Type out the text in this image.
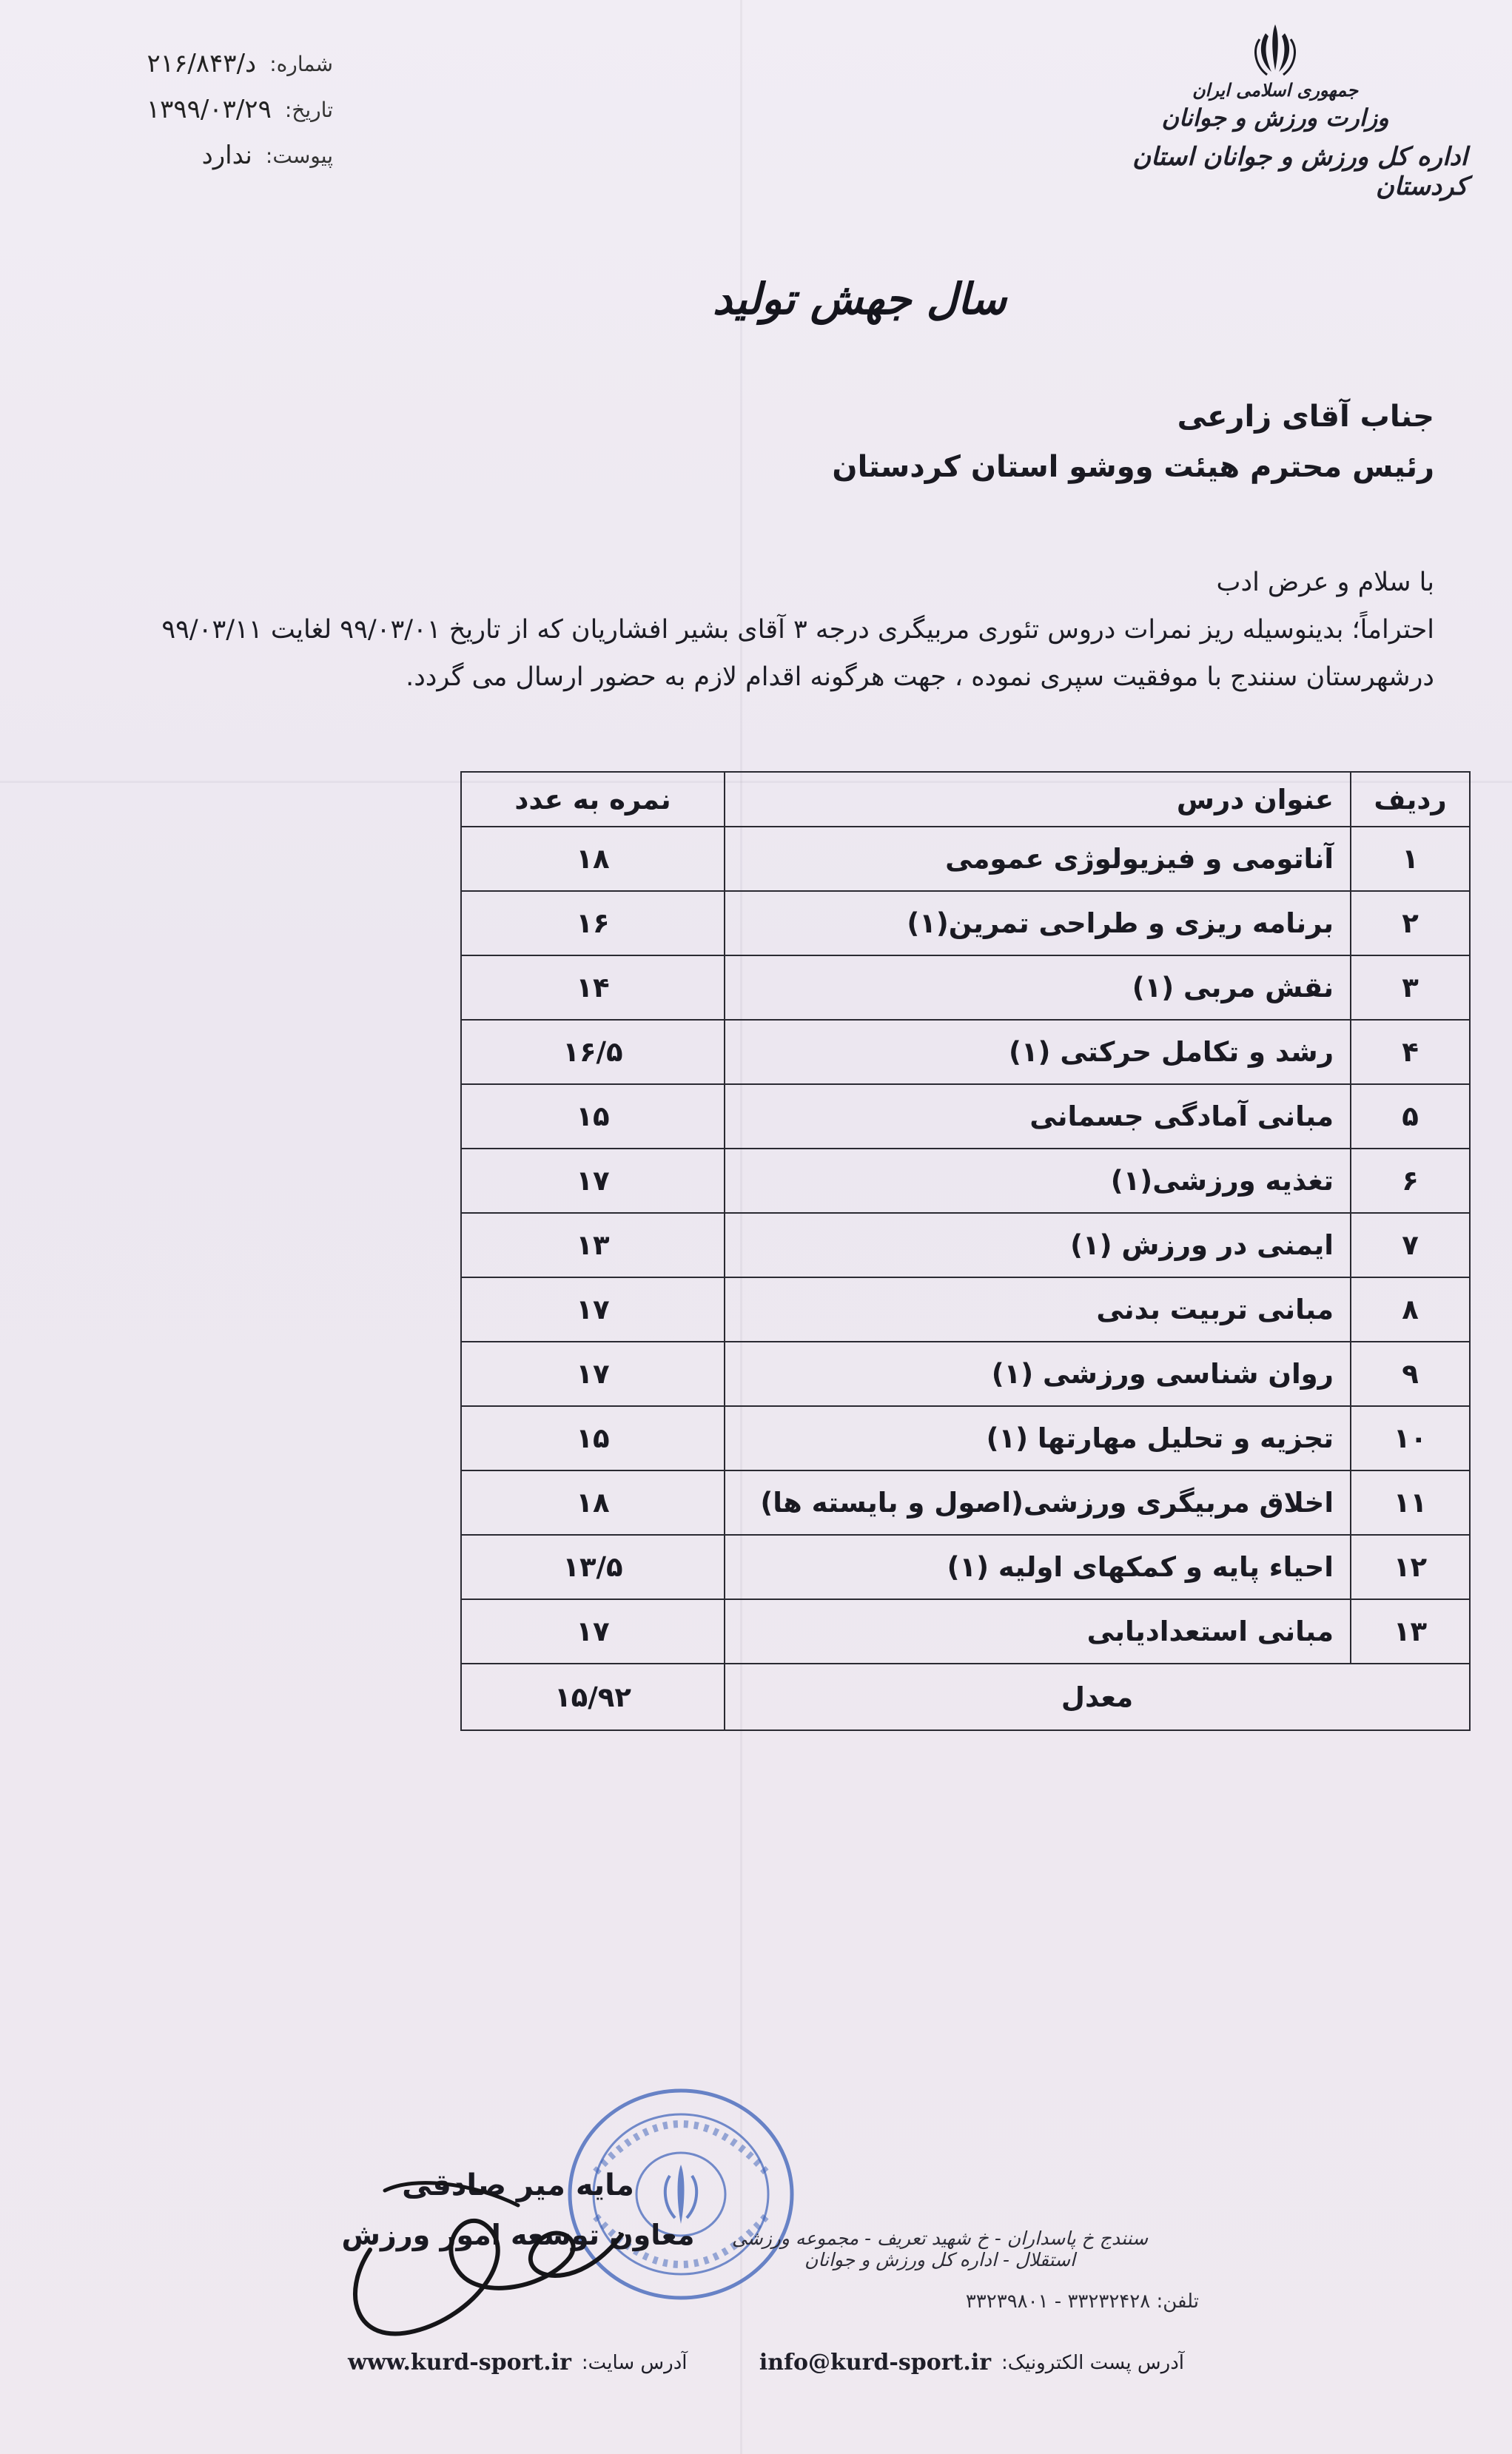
شماره:
د/۲۱۶/۸۴۳
تاریخ:
۱۳۹۹/۰۳/۲۹
پیوست:
ندارد
جمهوری اسلامی ایران
وزارت ورزش و جوانان
اداره کل ورزش و جوانان استان کردستان
سال جهش تولید
جناب آقای زارعی
رئیس محترم هیئت ووشو استان کردستان
با سلام و عرض ادب
احتراماً؛ بدینوسیله ریز نمرات دروس تئوری مربیگری درجه ۳ آقای بشیر افشاریان که از تاریخ ۹۹/۰۳/۰۱ لغایت ۹۹/۰۳/۱۱ درشهرستان سنندج با موفقیت سپری نموده ، جهت هرگونه اقدام لازم به حضور ارسال می گردد.
ردیف	عنوان درس	نمره به عدد
۱	آناتومی و فیزیولوژی عمومی	۱۸
۲	برنامه ریزی و طراحی تمرین(۱)	۱۶
۳	نقش مربی (۱)	۱۴
۴	رشد و تکامل حرکتی (۱)	۱۶/۵
۵	مبانی آمادگی جسمانی	۱۵
۶	تغذیه ورزشی(۱)	۱۷
۷	ایمنی در ورزش (۱)	۱۳
۸	مبانی تربیت بدنی	۱۷
۹	روان شناسی ورزشی (۱)	۱۷
۱۰	تجزیه و تحلیل مهارتها (۱)	۱۵
۱۱	اخلاق مربیگری ورزشی(اصول و بایسته ها)	۱۸
۱۲	احیاء پایه و کمکهای اولیه (۱)	۱۳/۵
۱۳	مبانی استعدادیابی	۱۷
معدل		۱۵/۹۲
مایه میر صادقی
معاون توسعه امور ورزش	سنندج خ پاسداران - خ شهید تعریف - مجموعه ورزشی استقلال - اداره کل ورزش و جوانان
تلفن: ۳۳۲۳۲۴۲۸ - ۳۳۲۳۹۸۰۱
آدرس پست الکترونیک:
info@kurd-sport.ir
آدرس سایت:
www.kurd-sport.ir
